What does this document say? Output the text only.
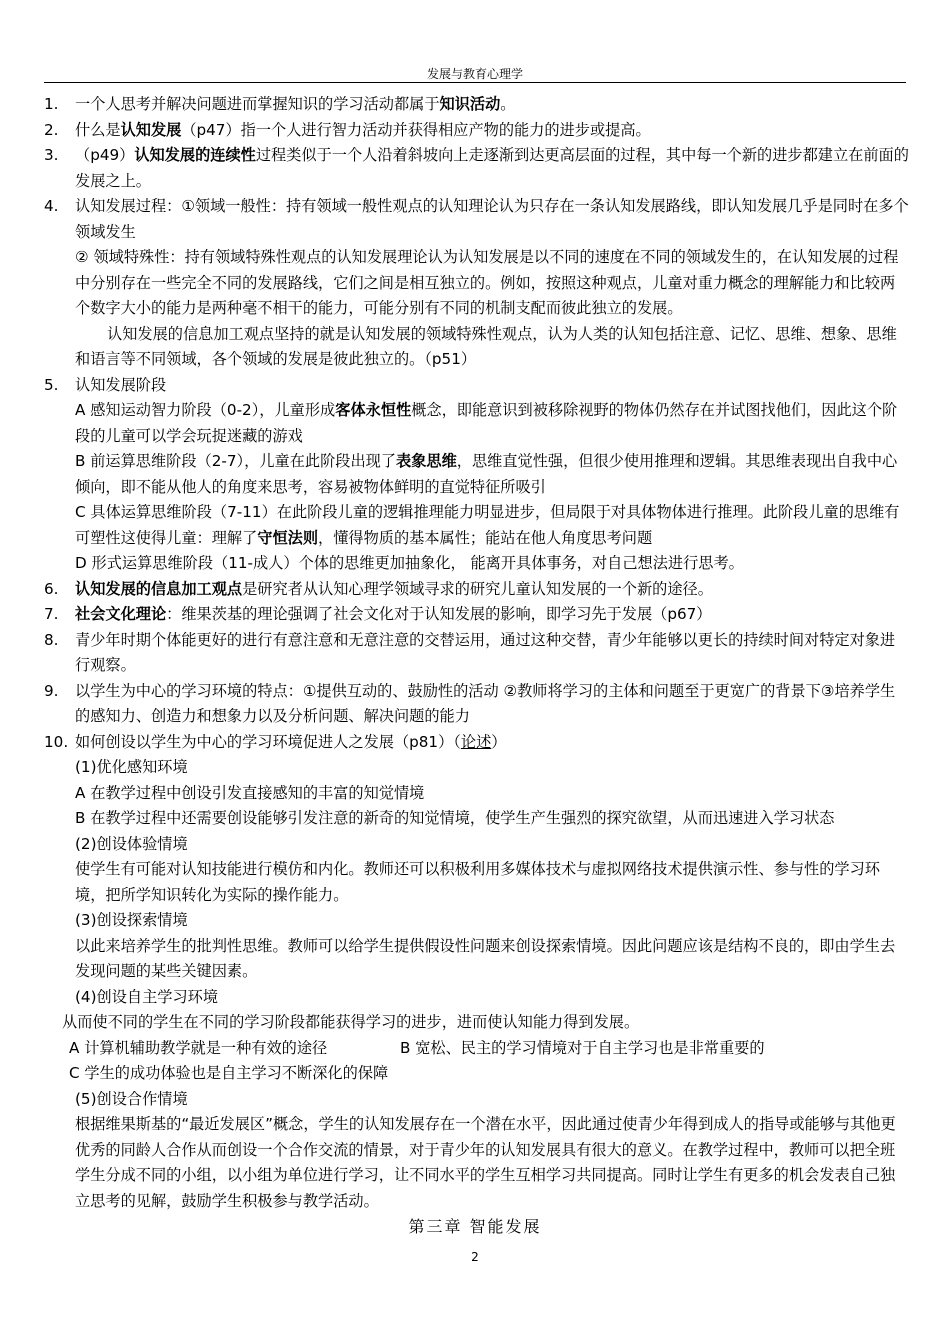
发展与教育心理学
1. 一个人思考并解决问题进而掌握知识的学习活动都属于知识活动。
2. 什么是认知发展（p47）指一个人进行智力活动并获得相应产物的能力的进步或提高。
3. （p49）认知发展的连续性过程类似于一个人沿着斜坡向上走逐渐到达更高层面的过程，其中每一个新的进步都建立在前面的发展之上。
4. 认知发展过程：①领域一般性：持有领域一般性观点的认知理论认为只存在一条认知发展路线，即认知发展几乎是同时在多个领域发生
② 领域特殊性：持有领域特殊性观点的认知发展理论认为认知发展是以不同的速度在不同的领域发生的，在认知发展的过程中分别存在一些完全不同的发展路线，它们之间是相互独立的。例如，按照这种观点，儿童对重力概念的理解能力和比较两个数字大小的能力是两种毫不相干的能力，可能分别有不同的机制支配而彼此独立的发展。
认知发展的信息加工观点坚持的就是认知发展的领域特殊性观点，认为人类的认知包括注意、记忆、思维、想象、思维和语言等不同领域，各个领域的发展是彼此独立的。（p51）
5. 认知发展阶段
A 感知运动智力阶段（0-2），儿童形成客体永恒性概念，即能意识到被移除视野的物体仍然存在并试图找他们，因此这个阶段的儿童可以学会玩捉迷藏的游戏
B 前运算思维阶段（2-7），儿童在此阶段出现了表象思维，思维直觉性强，但很少使用推理和逻辑。其思维表现出自我中心倾向，即不能从他人的角度来思考，容易被物体鲜明的直觉特征所吸引
C 具体运算思维阶段（7-11）在此阶段儿童的逻辑推理能力明显进步，但局限于对具体物体进行推理。此阶段儿童的思维有可塑性这使得儿童：理解了守恒法则，懂得物质的基本属性；能站在他人角度思考问题
D 形式运算思维阶段（11-成人）个体的思维更加抽象化， 能离开具体事务，对自己想法进行思考。
6. 认知发展的信息加工观点是研究者从认知心理学领域寻求的研究儿童认知发展的一个新的途径。
7. 社会文化理论：维果茨基的理论强调了社会文化对于认知发展的影响，即学习先于发展（p67）
8. 青少年时期个体能更好的进行有意注意和无意注意的交替运用，通过这种交替，青少年能够以更长的持续时间对特定对象进行观察。
9. 以学生为中心的学习环境的特点：①提供互动的、鼓励性的活动 ②教师将学习的主体和问题至于更宽广的背景下③培养学生的感知力、创造力和想象力以及分析问题、解决问题的能力
10. 如何创设以学生为中心的学习环境促进人之发展（p81）（论述）
(1)优化感知环境
A 在教学过程中创设引发直接感知的丰富的知觉情境
B 在教学过程中还需要创设能够引发注意的新奇的知觉情境，使学生产生强烈的探究欲望，从而迅速进入学习状态
(2)创设体验情境
使学生有可能对认知技能进行模仿和内化。教师还可以积极利用多媒体技术与虚拟网络技术提供演示性、参与性的学习环境，把所学知识转化为实际的操作能力。
(3)创设探索情境
以此来培养学生的批判性思维。教师可以给学生提供假设性问题来创设探索情境。因此问题应该是结构不良的，即由学生去发现问题的某些关键因素。
(4)创设自主学习环境
从而使不同的学生在不同的学习阶段都能获得学习的进步，进而使认知能力得到发展。
A 计算机辅助教学就是一种有效的途径	B 宽松、民主的学习情境对于自主学习也是非常重要的
C 学生的成功体验也是自主学习不断深化的保障
(5)创设合作情境
根据维果斯基的“最近发展区”概念，学生的认知发展存在一个潜在水平，因此通过使青少年得到成人的指导或能够与其他更优秀的同龄人合作从而创设一个合作交流的情景，对于青少年的认知发展具有很大的意义。在教学过程中，教师可以把全班学生分成不同的小组，以小组为单位进行学习，让不同水平的学生互相学习共同提高。同时让学生有更多的机会发表自己独立思考的见解，鼓励学生积极参与教学活动。
第三章 智能发展
2
